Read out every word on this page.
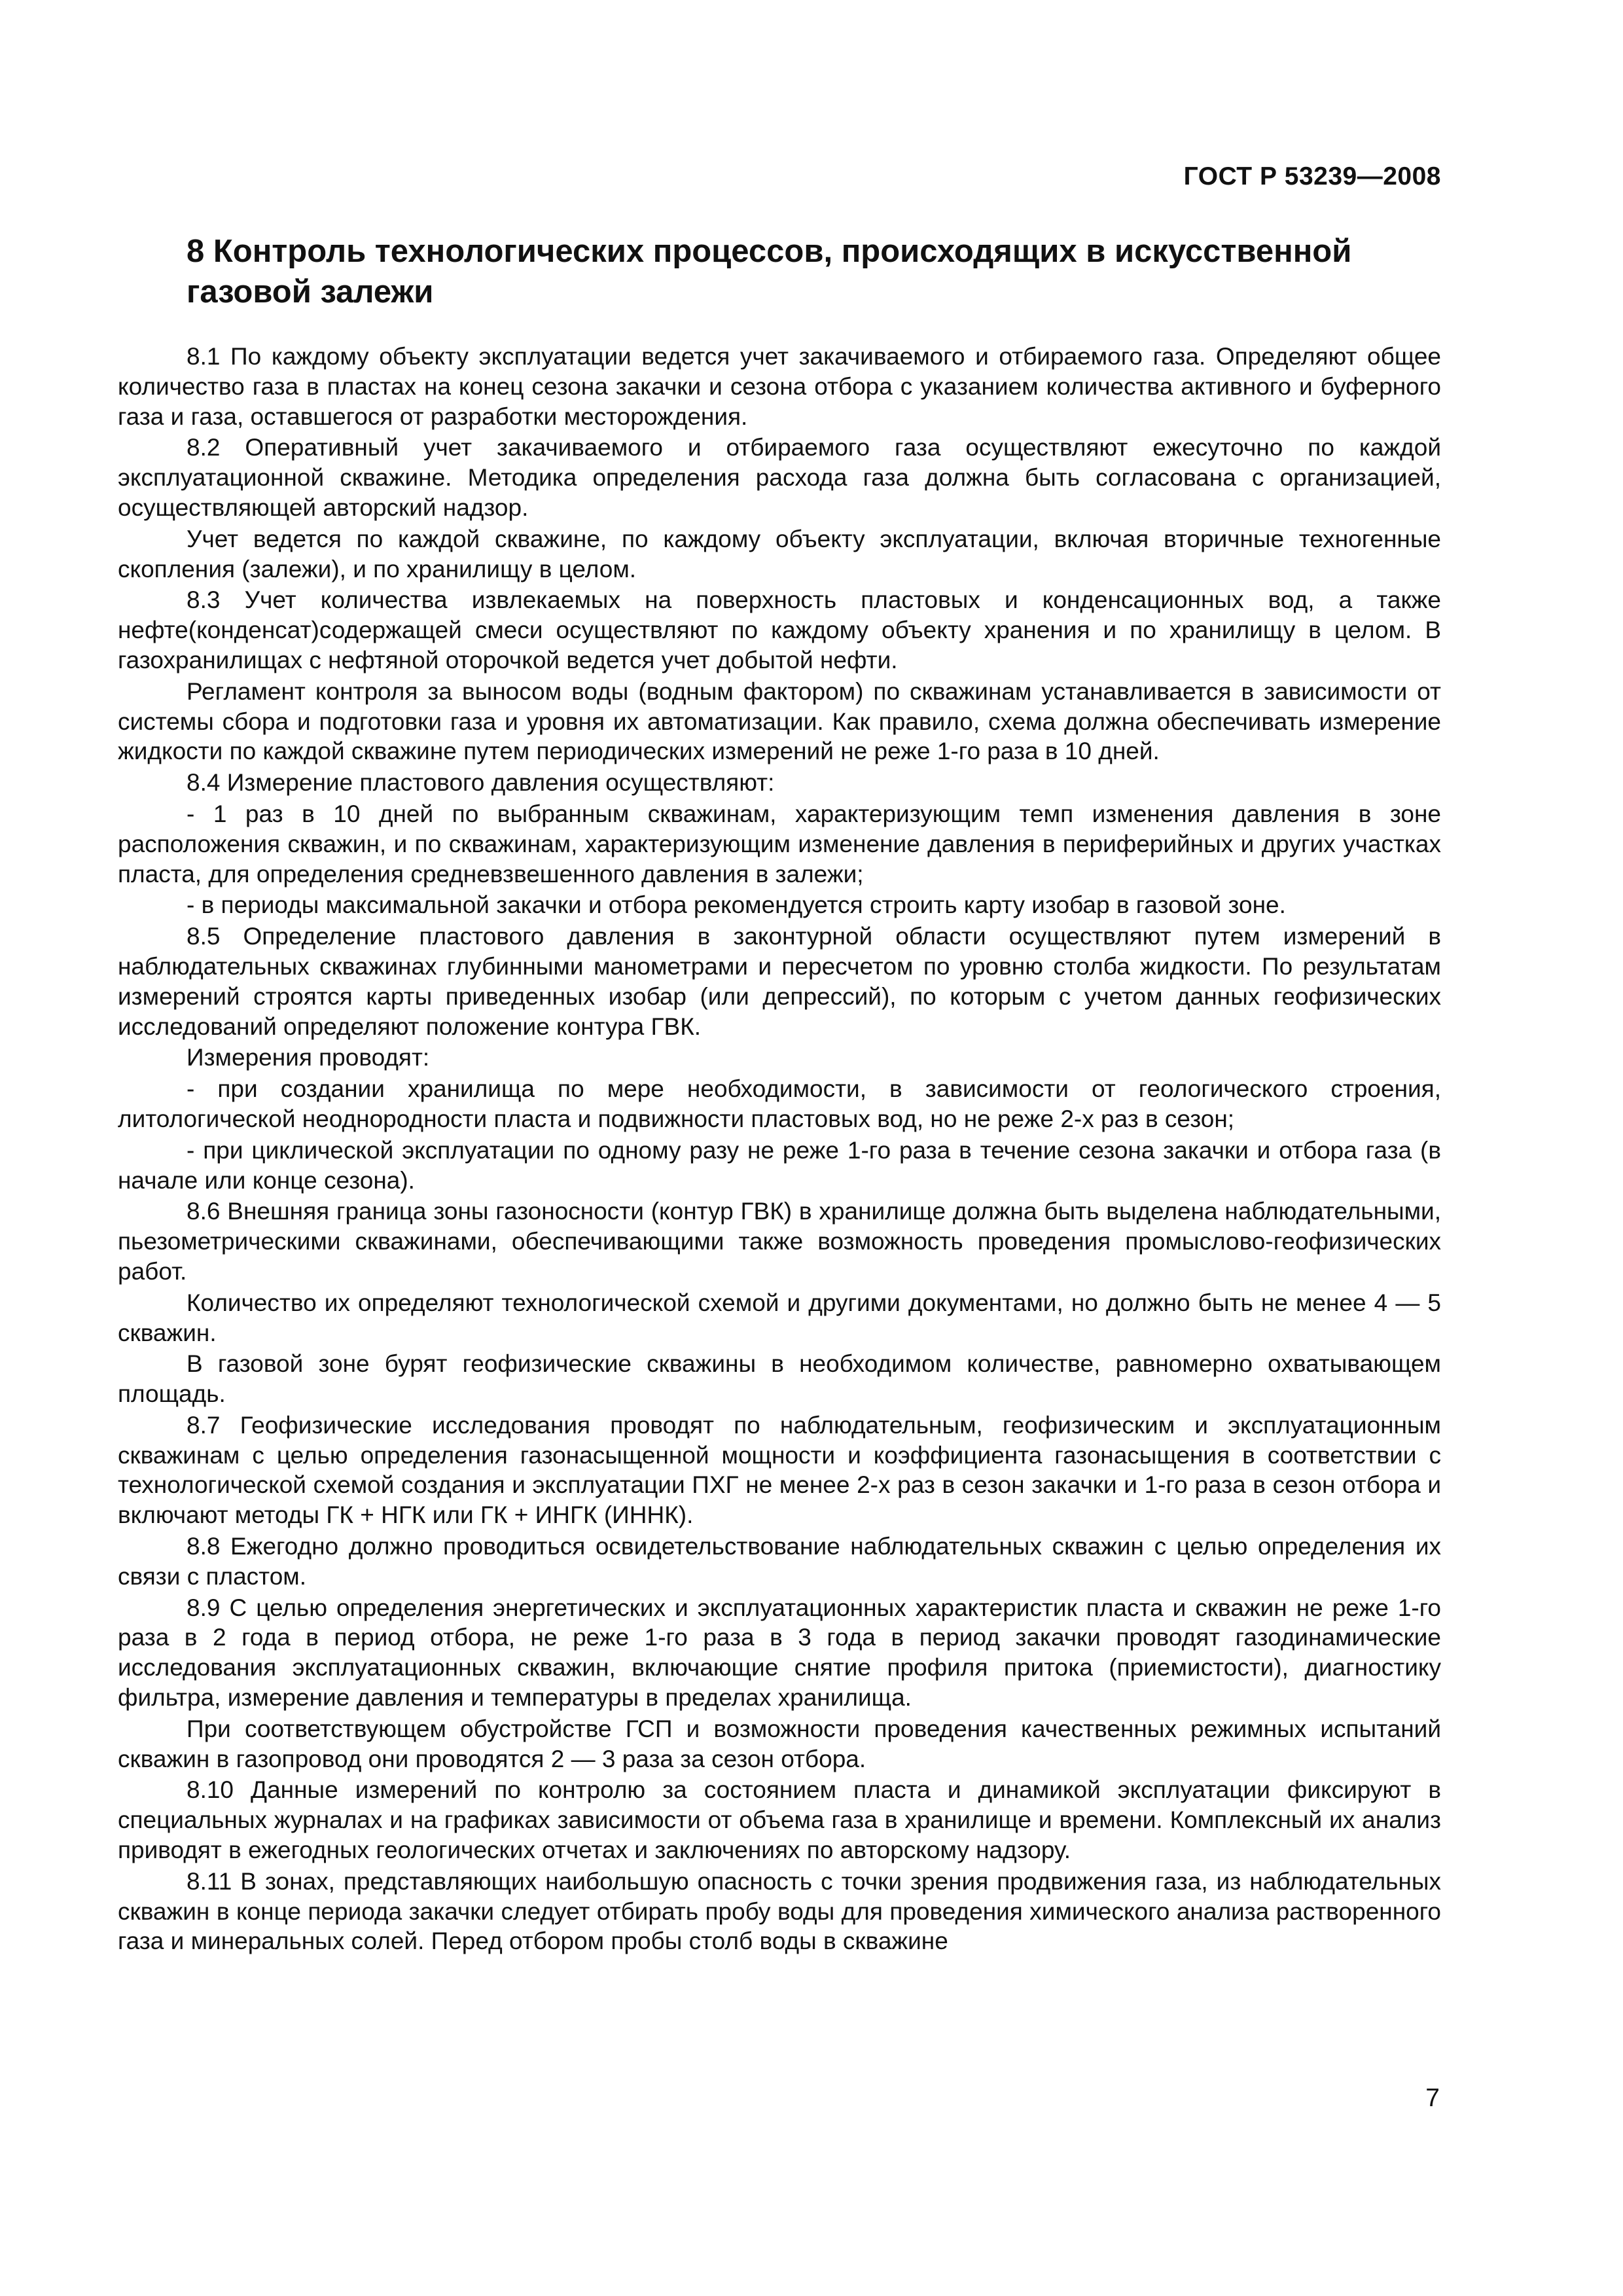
ГОСТ Р 53239—2008
8 Контроль технологических процессов, происходящих в искусственной газовой залежи

8.1 По каждому объекту эксплуатации ведется учет закачиваемого и отбираемого газа. Определяют общее количество газа в пластах на конец сезона закачки и сезона отбора с указанием количества активного и буферного газа и газа, оставшегося от разработки месторождения.

8.2 Оперативный учет закачиваемого и отбираемого газа осуществляют ежесуточно по каждой эксплуатационной скважине. Методика определения расхода газа должна быть согласована с организацией, осуществляющей авторский надзор.

Учет ведется по каждой скважине, по каждому объекту эксплуатации, включая вторичные техногенные скопления (залежи), и по хранилищу в целом.

8.3 Учет количества извлекаемых на поверхность пластовых и конденсационных вод, а также нефте(конденсат)содержащей смеси осуществляют по каждому объекту хранения и по хранилищу в целом. В газохранилищах с нефтяной оторочкой ведется учет добытой нефти.

Регламент контроля за выносом воды (водным фактором) по скважинам устанавливается в зависимости от системы сбора и подготовки газа и уровня их автоматизации. Как правило, схема должна обеспечивать измерение жидкости по каждой скважине путем периодических измерений не реже 1-го раза в 10 дней.

8.4 Измерение пластового давления осуществляют:

- 1 раз в 10 дней по выбранным скважинам, характеризующим темп изменения давления в зоне расположения скважин, и по скважинам, характеризующим изменение давления в периферийных и других участках пласта, для определения средневзвешенного давления в залежи;

- в периоды максимальной закачки и отбора рекомендуется строить карту изобар в газовой зоне.

8.5 Определение пластового давления в законтурной области осуществляют путем измерений в наблюдательных скважинах глубинными манометрами и пересчетом по уровню столба жидкости. По результатам измерений строятся карты приведенных изобар (или депрессий), по которым с учетом данных геофизических исследований определяют положение контура ГВК.

Измерения проводят:

- при создании хранилища по мере необходимости, в зависимости от геологического строения, литологической неоднородности пласта и подвижности пластовых вод, но не реже 2-х раз в сезон;

- при циклической эксплуатации по одному разу не реже 1-го раза в течение сезона закачки и отбора газа (в начале или конце сезона).

8.6 Внешняя граница зоны газоносности (контур ГВК) в хранилище должна быть выделена наблюдательными, пьезометрическими скважинами, обеспечивающими также возможность проведения промыслово-геофизических работ.

Количество их определяют технологической схемой и другими документами, но должно быть не менее 4 — 5 скважин.

В газовой зоне бурят геофизические скважины в необходимом количестве, равномерно охватывающем площадь.

8.7 Геофизические исследования проводят по наблюдательным, геофизическим и эксплуатационным скважинам с целью определения газонасыщенной мощности и коэффициента газонасыщения в соответствии с технологической схемой создания и эксплуатации ПХГ не менее 2-х раз в сезон закачки и 1-го раза в сезон отбора и включают методы ГК + НГК или ГК + ИНГК (ИННК).

8.8 Ежегодно должно проводиться освидетельствование наблюдательных скважин с целью определения их связи с пластом.

8.9 С целью определения энергетических и эксплуатационных характеристик пласта и скважин не реже 1-го раза в 2 года в период отбора, не реже 1-го раза в 3 года в период закачки проводят газодинамические исследования эксплуатационных скважин, включающие снятие профиля притока (приемистости), диагностику фильтра, измерение давления и температуры в пределах хранилища.

При соответствующем обустройстве ГСП и возможности проведения качественных режимных испытаний скважин в газопровод они проводятся 2 — 3 раза за сезон отбора.

8.10 Данные измерений по контролю за состоянием пласта и динамикой эксплуатации фиксируют в специальных журналах и на графиках зависимости от объема газа в хранилище и времени. Комплексный их анализ приводят в ежегодных геологических отчетах и заключениях по авторскому надзору.

8.11 В зонах, представляющих наибольшую опасность с точки зрения продвижения газа, из наблюдательных скважин в конце периода закачки следует отбирать пробу воды для проведения химического анализа растворенного газа и минеральных солей. Перед отбором пробы столб воды в скважине

7
